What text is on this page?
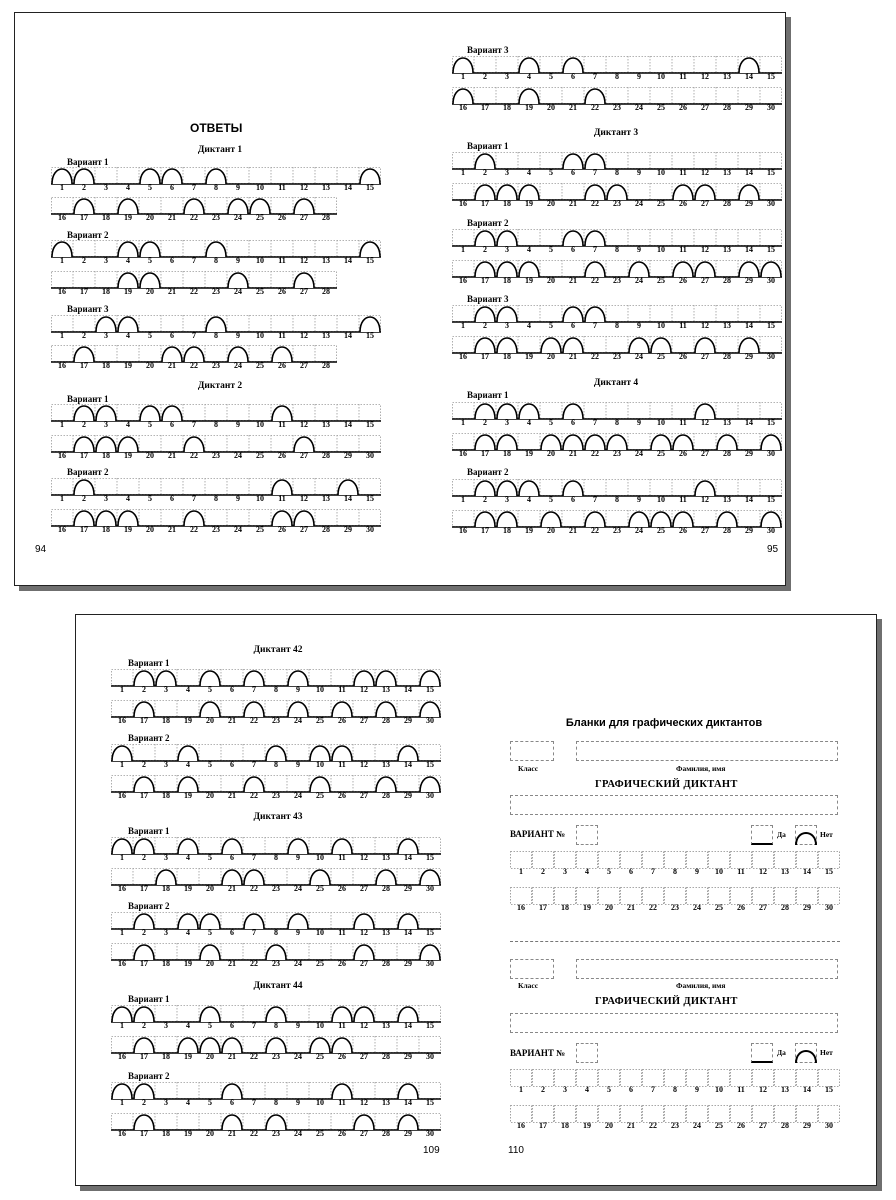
ОТВЕТЫ
Диктант 1
Вариант 1
1	2	3	4	5	6	7	8	9	10	11	12	13	14	15
16	17	18	19	20	21	22	23	24	25	26	27	28
Вариант 2
1	2	3	4	5	6	7	8	9	10	11	12	13	14	15
16	17	18	19	20	21	22	23	24	25	26	27	28
Вариант 3
1	2	3	4	5	6	7	8	9	10	11	12	13	14	15
16	17	18	19	20	21	22	23	24	25	26	27	28
Диктант 2
Вариант 1
1	2	3	4	5	6	7	8	9	10	11	12	13	14	15
16	17	18	19	20	21	22	23	24	25	26	27	28	29	30
Вариант 2
1	2	3	4	5	6	7	8	9	10	11	12	13	14	15
16	17	18	19	20	21	22	23	24	25	26	27	28	29	30
94
Вариант 3
1	2	3	4	5	6	7	8	9	10	11	12	13	14	15
16	17	18	19	20	21	22	23	24	25	26	27	28	29	30
Диктант 3
Вариант 1
1	2	3	4	5	6	7	8	9	10	11	12	13	14	15
16	17	18	19	20	21	22	23	24	25	26	27	28	29	30
Вариант 2
1	2	3	4	5	6	7	8	9	10	11	12	13	14	15
16	17	18	19	20	21	22	23	24	25	26	27	28	29	30
Вариант 3
1	2	3	4	5	6	7	8	9	10	11	12	13	14	15
16	17	18	19	20	21	22	23	24	25	26	27	28	29	30
Диктант 4
Вариант 1
1	2	3	4	5	6	7	8	9	10	11	12	13	14	15
16	17	18	19	20	21	22	23	24	25	26	27	28	29	30
Вариант 2
1	2	3	4	5	6	7	8	9	10	11	12	13	14	15
16	17	18	19	20	21	22	23	24	25	26	27	28	29	30
95
Диктант 42
Вариант 1
1	2	3	4	5	6	7	8	9	10	11	12	13	14	15
16	17	18	19	20	21	22	23	24	25	26	27	28	29	30
Вариант 2
1	2	3	4	5	6	7	8	9	10	11	12	13	14	15
16	17	18	19	20	21	22	23	24	25	26	27	28	29	30
Диктант 43
Вариант 1
1	2	3	4	5	6	7	8	9	10	11	12	13	14	15
16	17	18	19	20	21	22	23	24	25	26	27	28	29	30
Вариант 2
1	2	3	4	5	6	7	8	9	10	11	12	13	14	15
16	17	18	19	20	21	22	23	24	25	26	27	28	29	30
Диктант 44
Вариант 1
1	2	3	4	5	6	7	8	9	10	11	12	13	14	15
16	17	18	19	20	21	22	23	24	25	26	27	28	29	30
Вариант 2
1	2	3	4	5	6	7	8	9	10	11	12	13	14	15
16	17	18	19	20	21	22	23	24	25	26	27	28	29	30
109
Бланки для графических диктантов
Класс	Фамилия, имя
ГРАФИЧЕСКИЙ ДИКТАНТ
ВАРИАНТ №	Да	Нет
1	2	3	4	5	6	7	8	9	10	11	12	13	14	15
16	17	18	19	20	21	22	23	24	25	26	27	28	29	30
Класс	Фамилия, имя
ГРАФИЧЕСКИЙ ДИКТАНТ
ВАРИАНТ №	Да	Нет
1	2	3	4	5	6	7	8	9	10	11	12	13	14	15
16	17	18	19	20	21	22	23	24	25	26	27	28	29	30
110
